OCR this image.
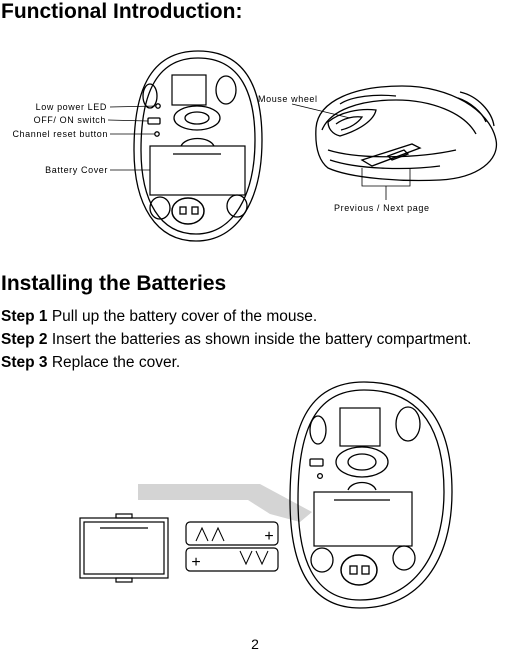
Functional Introduction:
Low power LED
OFF/ ON switch
Channel reset button
Battery Cover
Mouse wheel
Previous / Next page
Installing the Batteries
Step 1 Pull up the battery cover of the mouse.
Step 2 Insert the batteries as shown inside the battery compartment.
Step 3 Replace the cover.
+
+
2
